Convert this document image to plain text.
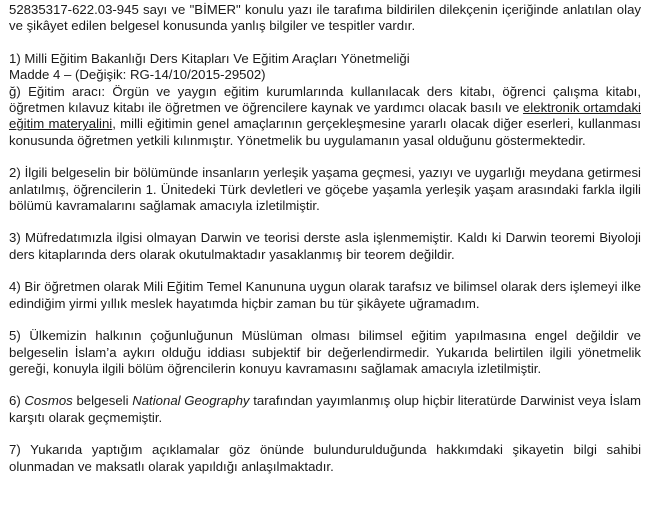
52835317-622.03-945 sayı ve "BİMER" konulu yazı ile tarafıma bildirilen dilekçenin içeriğinde anlatılan olay ve şikâyet edilen belgesel konusunda yanlış bilgiler ve tespitler vardır.

1) Milli Eğitim Bakanlığı Ders Kitapları Ve Eğitim Araçları Yönetmeliği

Madde 4 – (Değişik: RG-14/10/2015-29502)

ğ) Eğitim aracı: Örgün ve yaygın eğitim kurumlarında kullanılacak ders kitabı, öğrenci çalışma kitabı, öğretmen kılavuz kitabı ile öğretmen ve öğrencilere kaynak ve yardımcı olacak basılı ve elektronik ortamdaki eğitim materyalini, milli eğitimin genel amaçlarının gerçekleşmesine yararlı olacak diğer eserleri, kullanması konusunda öğretmen yetkili kılınmıştır. Yönetmelik bu uygulamanın yasal olduğunu göstermektedir.

2) İlgili belgeselin bir bölümünde insanların yerleşik yaşama geçmesi, yazıyı ve uygarlığı meydana getirmesi anlatılmış, öğrencilerin 1. Ünitedeki Türk devletleri ve göçebe yaşamla yerleşik yaşam arasındaki farkla ilgili bölümü kavramalarını sağlamak amacıyla izletilmiştir.

3) Müfredatımızla ilgisi olmayan Darwin ve teorisi derste asla işlenmemiştir. Kaldı ki Darwin teoremi Biyoloji ders kitaplarında ders olarak okutulmaktadır yasaklanmış bir teorem değildir.

4) Bir öğretmen olarak Mili Eğitim Temel Kanununa uygun olarak tarafsız ve bilimsel olarak ders işlemeyi ilke edindiğim yirmi yıllık meslek hayatımda hiçbir zaman bu tür şikâyete uğramadım.

5) Ülkemizin halkının çoğunluğunun Müslüman olması bilimsel eğitim yapılmasına engel değildir ve belgeselin İslam’a aykırı olduğu iddiası subjektif bir değerlendirmedir. Yukarıda belirtilen ilgili yönetmelik gereği, konuyla ilgili bölüm öğrencilerin konuyu kavramasını sağlamak amacıyla izletilmiştir.

6) Cosmos belgeseli National Geography tarafından yayımlanmış olup hiçbir literatürde Darwinist veya İslam karşıtı olarak geçmemiştir.

7) Yukarıda yaptığım açıklamalar göz önünde bulundurulduğunda hakkımdaki şikayetin bilgi sahibi olunmadan ve maksatlı olarak yapıldığı anlaşılmaktadır.
